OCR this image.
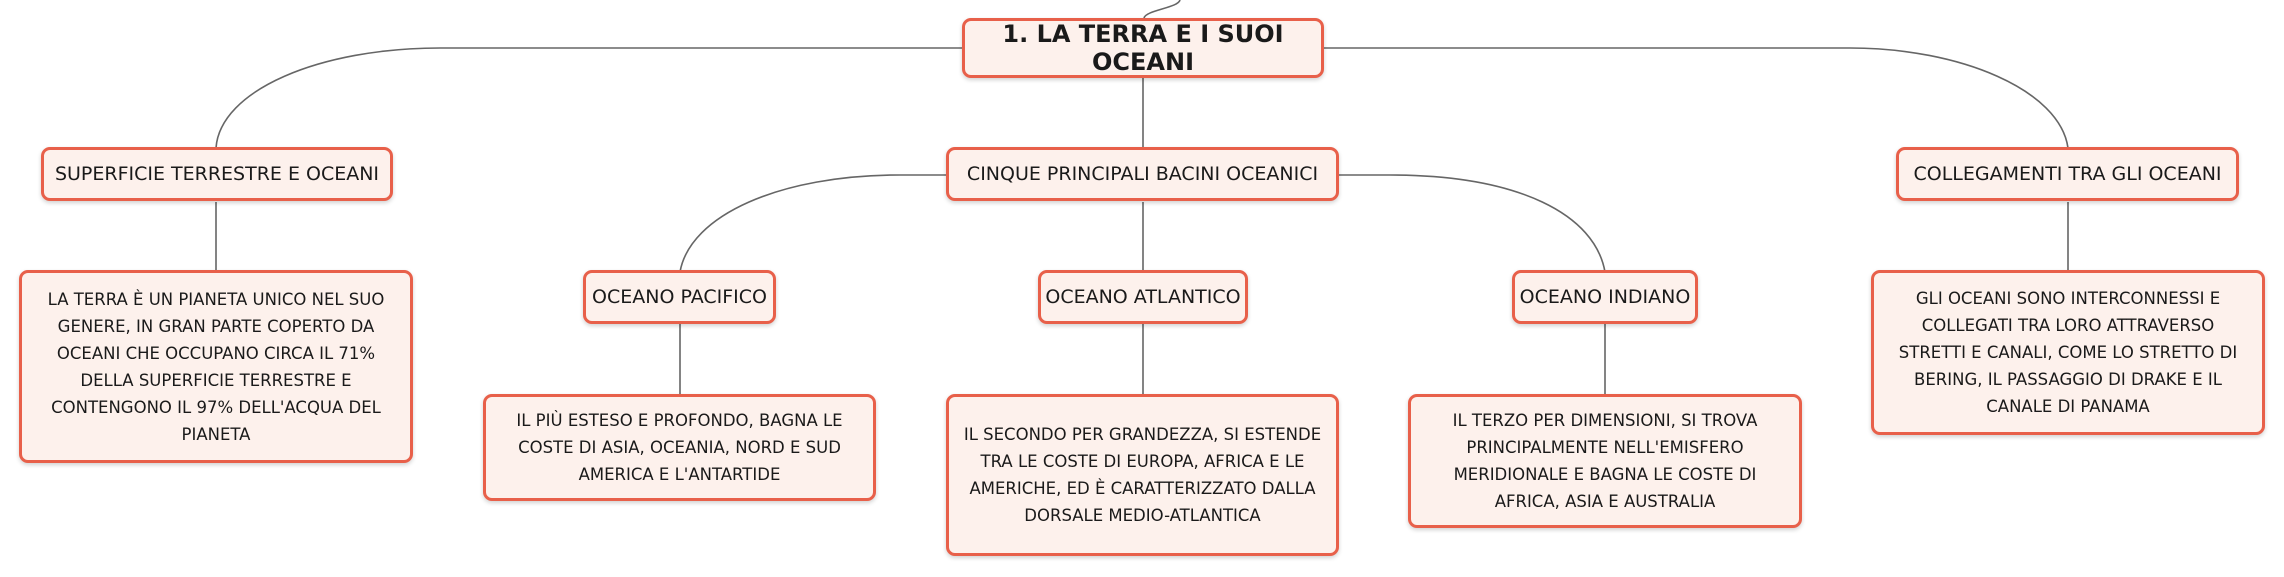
1. LA TERRA E I SUOI OCEANI
SUPERFICIE TERRESTRE E OCEANI	CINQUE PRINCIPALI BACINI OCEANICI	COLLEGAMENTI TRA GLI OCEANI
OCEANO PACIFICO	OCEANO ATLANTICO	OCEANO INDIANO
LA TERRA È UN PIANETA UNICO NEL SUO GENERE, IN GRAN PARTE COPERTO DA OCEANI CHE OCCUPANO CIRCA IL 71% DELLA SUPERFICIE TERRESTRE E CONTENGONO IL 97% DELL'ACQUA DEL PIANETA
IL PIÙ ESTESO E PROFONDO, BAGNA LE COSTE DI ASIA, OCEANIA, NORD E SUD AMERICA E L'ANTARTIDE
IL SECONDO PER GRANDEZZA, SI ESTENDE TRA LE COSTE DI EUROPA, AFRICA E LE AMERICHE, ED È CARATTERIZZATO DALLA DORSALE MEDIO-ATLANTICA
IL TERZO PER DIMENSIONI, SI TROVA PRINCIPALMENTE NELL'EMISFERO MERIDIONALE E BAGNA LE COSTE DI AFRICA, ASIA E AUSTRALIA
GLI OCEANI SONO INTERCONNESSI E COLLEGATI TRA LORO ATTRAVERSO STRETTI E CANALI, COME LO STRETTO DI BERING, IL PASSAGGIO DI DRAKE E IL CANALE DI PANAMA
